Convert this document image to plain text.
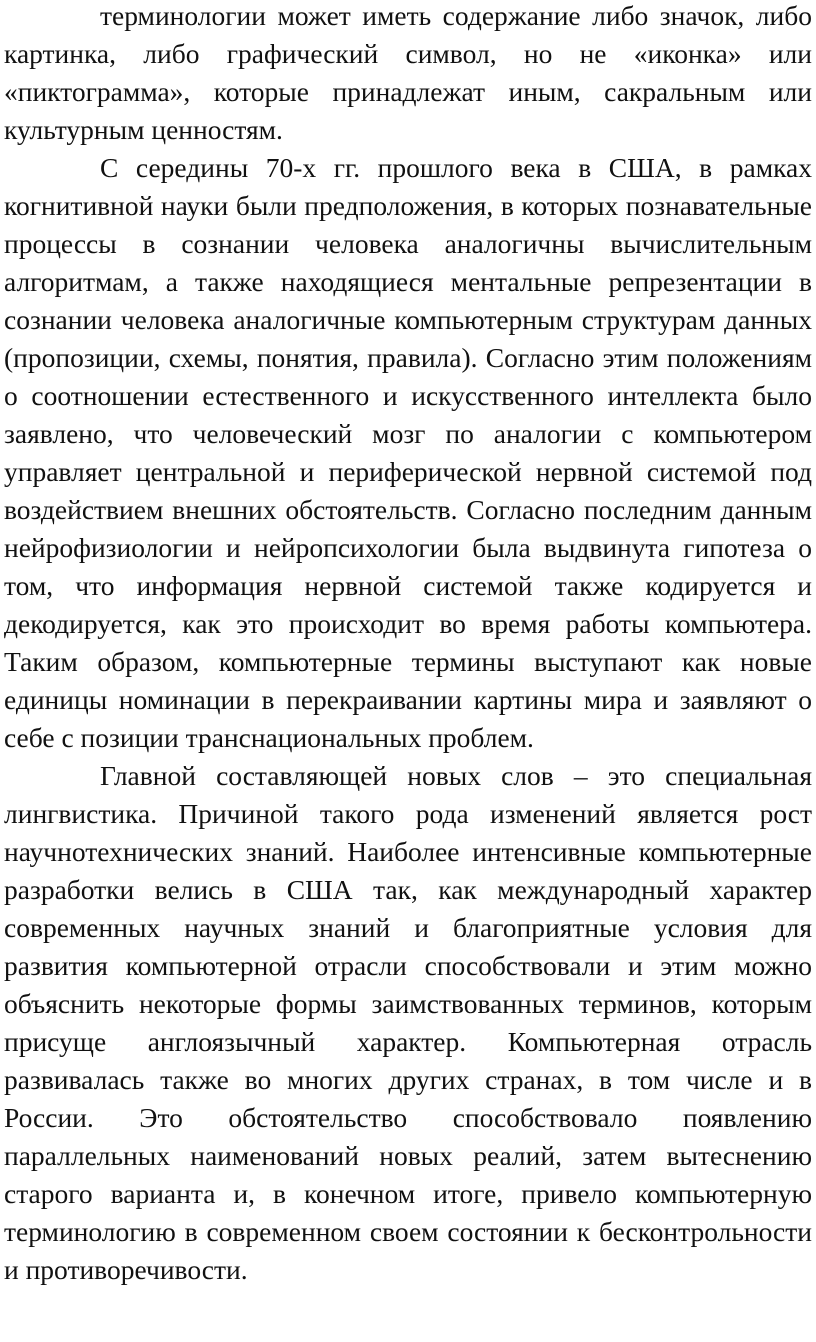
терминологии может иметь содержание либо значок, либо картинка, либо графический символ, но не «иконка» или «пиктограмма», которые принадлежат иным, сакральным или культурным ценностям.

С середины 70-х гг. прошлого века в США, в рамках когнитивной науки были предположения, в которых познавательные процессы в сознании человека аналогичны вычислительным алгоритмам, а также находящиеся ментальные репрезентации в сознании человека аналогичные компьютерным структурам данных (пропозиции, схемы, понятия, правила). Согласно этим положениям о соотношении естественного и искусственного интеллекта было заявлено, что человеческий мозг по аналогии с компьютером управляет центральной и периферической нервной системой под воздействием внешних обстоятельств. Согласно последним данным нейрофизиологии и нейропсихологии была выдвинута гипотеза о том, что информация нервной системой также кодируется и декодируется, как это происходит во время работы компьютера. Таким образом, компьютерные термины выступают как новые единицы номинации в перекраивании картины мира и заявляют о себе с позиции транснациональных проблем.

Главной составляющей новых слов – это специальная лингвистика. Причиной такого рода изменений является рост научнотехнических знаний. Наиболее интенсивные компьютерные разработки велись в США так, как международный характер современных научных знаний и благоприятные условия для развития компьютерной отрасли способствовали и этим можно объяснить некоторые формы заимствованных терминов, которым присуще англоязычный характер. Компьютерная отрасль развивалась также во многих других странах, в том числе и в России. Это обстоятельство способствовало появлению параллельных наименований новых реалий, затем вытеснению старого варианта и, в конечном итоге, привело компьютерную терминологию в современном своем состоянии к бесконтрольности и противоречивости.
